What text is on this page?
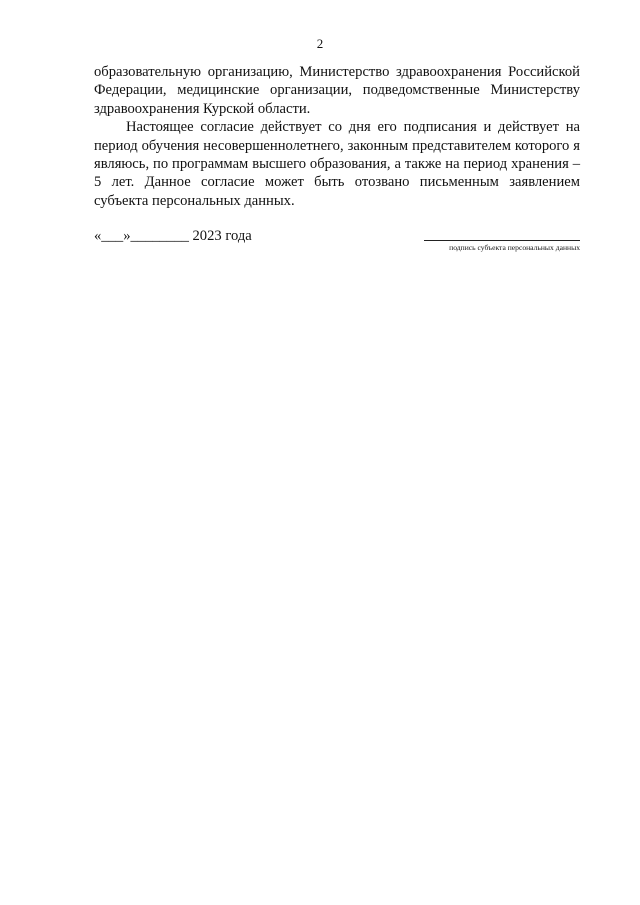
2

образовательную организацию, Министерство здравоохранения Российской Федерации, медицинские организации, подведомственные Министерству здравоохранения Курской области.

Настоящее согласие действует со дня его подписания и действует на период обучения несовершеннолетнего, законным представителем которого я являюсь, по программам высшего образования, а также на период хранения – 5 лет. Данное согласие может быть отозвано письменным заявлением субъекта персональных данных.

«___»________ 2023 года
подпись субъекта персональных данных
